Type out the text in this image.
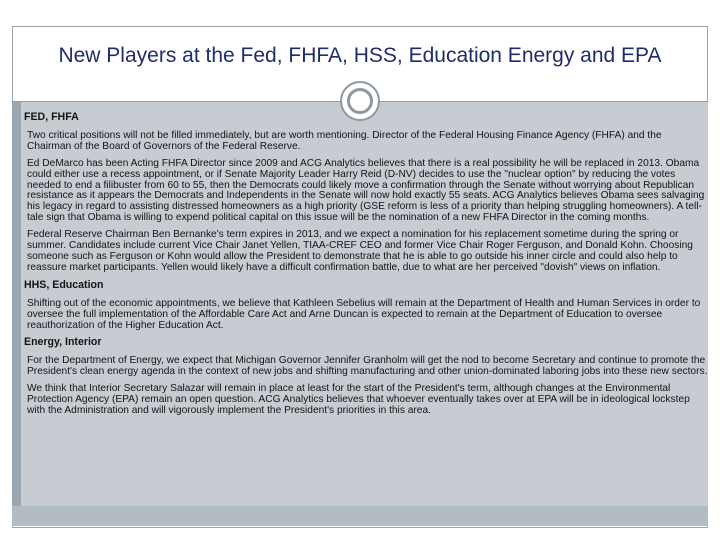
New Players at the Fed, FHFA, HSS, Education Energy and EPA
FED, FHFA

Two critical positions will not be filled immediately, but are worth mentioning. Director of the Federal Housing Finance Agency (FHFA) and the Chairman of the Board of Governors of the Federal Reserve.

Ed DeMarco has been Acting FHFA Director since 2009 and ACG Analytics believes that there is a real possibility he will be replaced in 2013. Obama could either use a recess appointment, or if Senate Majority Leader Harry Reid (D-NV) decides to use the "nuclear option" by reducing the votes needed to end a filibuster from 60 to 55, then the Democrats could likely move a confirmation through the Senate without worrying about Republican resistance as it appears the Democrats and Independents in the Senate will now hold exactly 55 seats. ACG Analytics believes Obama sees salvaging his legacy in regard to assisting distressed homeowners as a high priority (GSE reform is less of a priority than helping struggling homeowners). A tell-tale sign that Obama is willing to expend political capital on this issue will be the nomination of a new FHFA Director in the coming months.

Federal Reserve Chairman Ben Bernanke's term expires in 2013, and we expect a nomination for his replacement sometime during the spring or summer. Candidates include current Vice Chair Janet Yellen, TIAA-CREF CEO and former Vice Chair Roger Ferguson, and Donald Kohn. Choosing someone such as Ferguson or Kohn would allow the President to demonstrate that he is able to go outside his inner circle and could also help to reassure market participants. Yellen would likely have a difficult confirmation battle, due to what are her perceived "dovish" views on inflation.

HHS, Education

Shifting out of the economic appointments, we believe that Kathleen Sebelius will remain at the Department of Health and Human Services in order to oversee the full implementation of the Affordable Care Act and Arne Duncan is expected to remain at the Department of Education to oversee reauthorization of the Higher Education Act.

Energy, Interior

For the Department of Energy, we expect that Michigan Governor Jennifer Granholm will get the nod to become Secretary and continue to promote the President's clean energy agenda in the context of new jobs and shifting manufacturing and other union-dominated laboring jobs into these new sectors.

We think that Interior Secretary Salazar will remain in place at least for the start of the President's term, although changes at the Environmental Protection Agency (EPA) remain an open question. ACG Analytics believes that whoever eventually takes over at EPA will be in ideological lockstep with the Administration and will vigorously implement the President's priorities in this area.
